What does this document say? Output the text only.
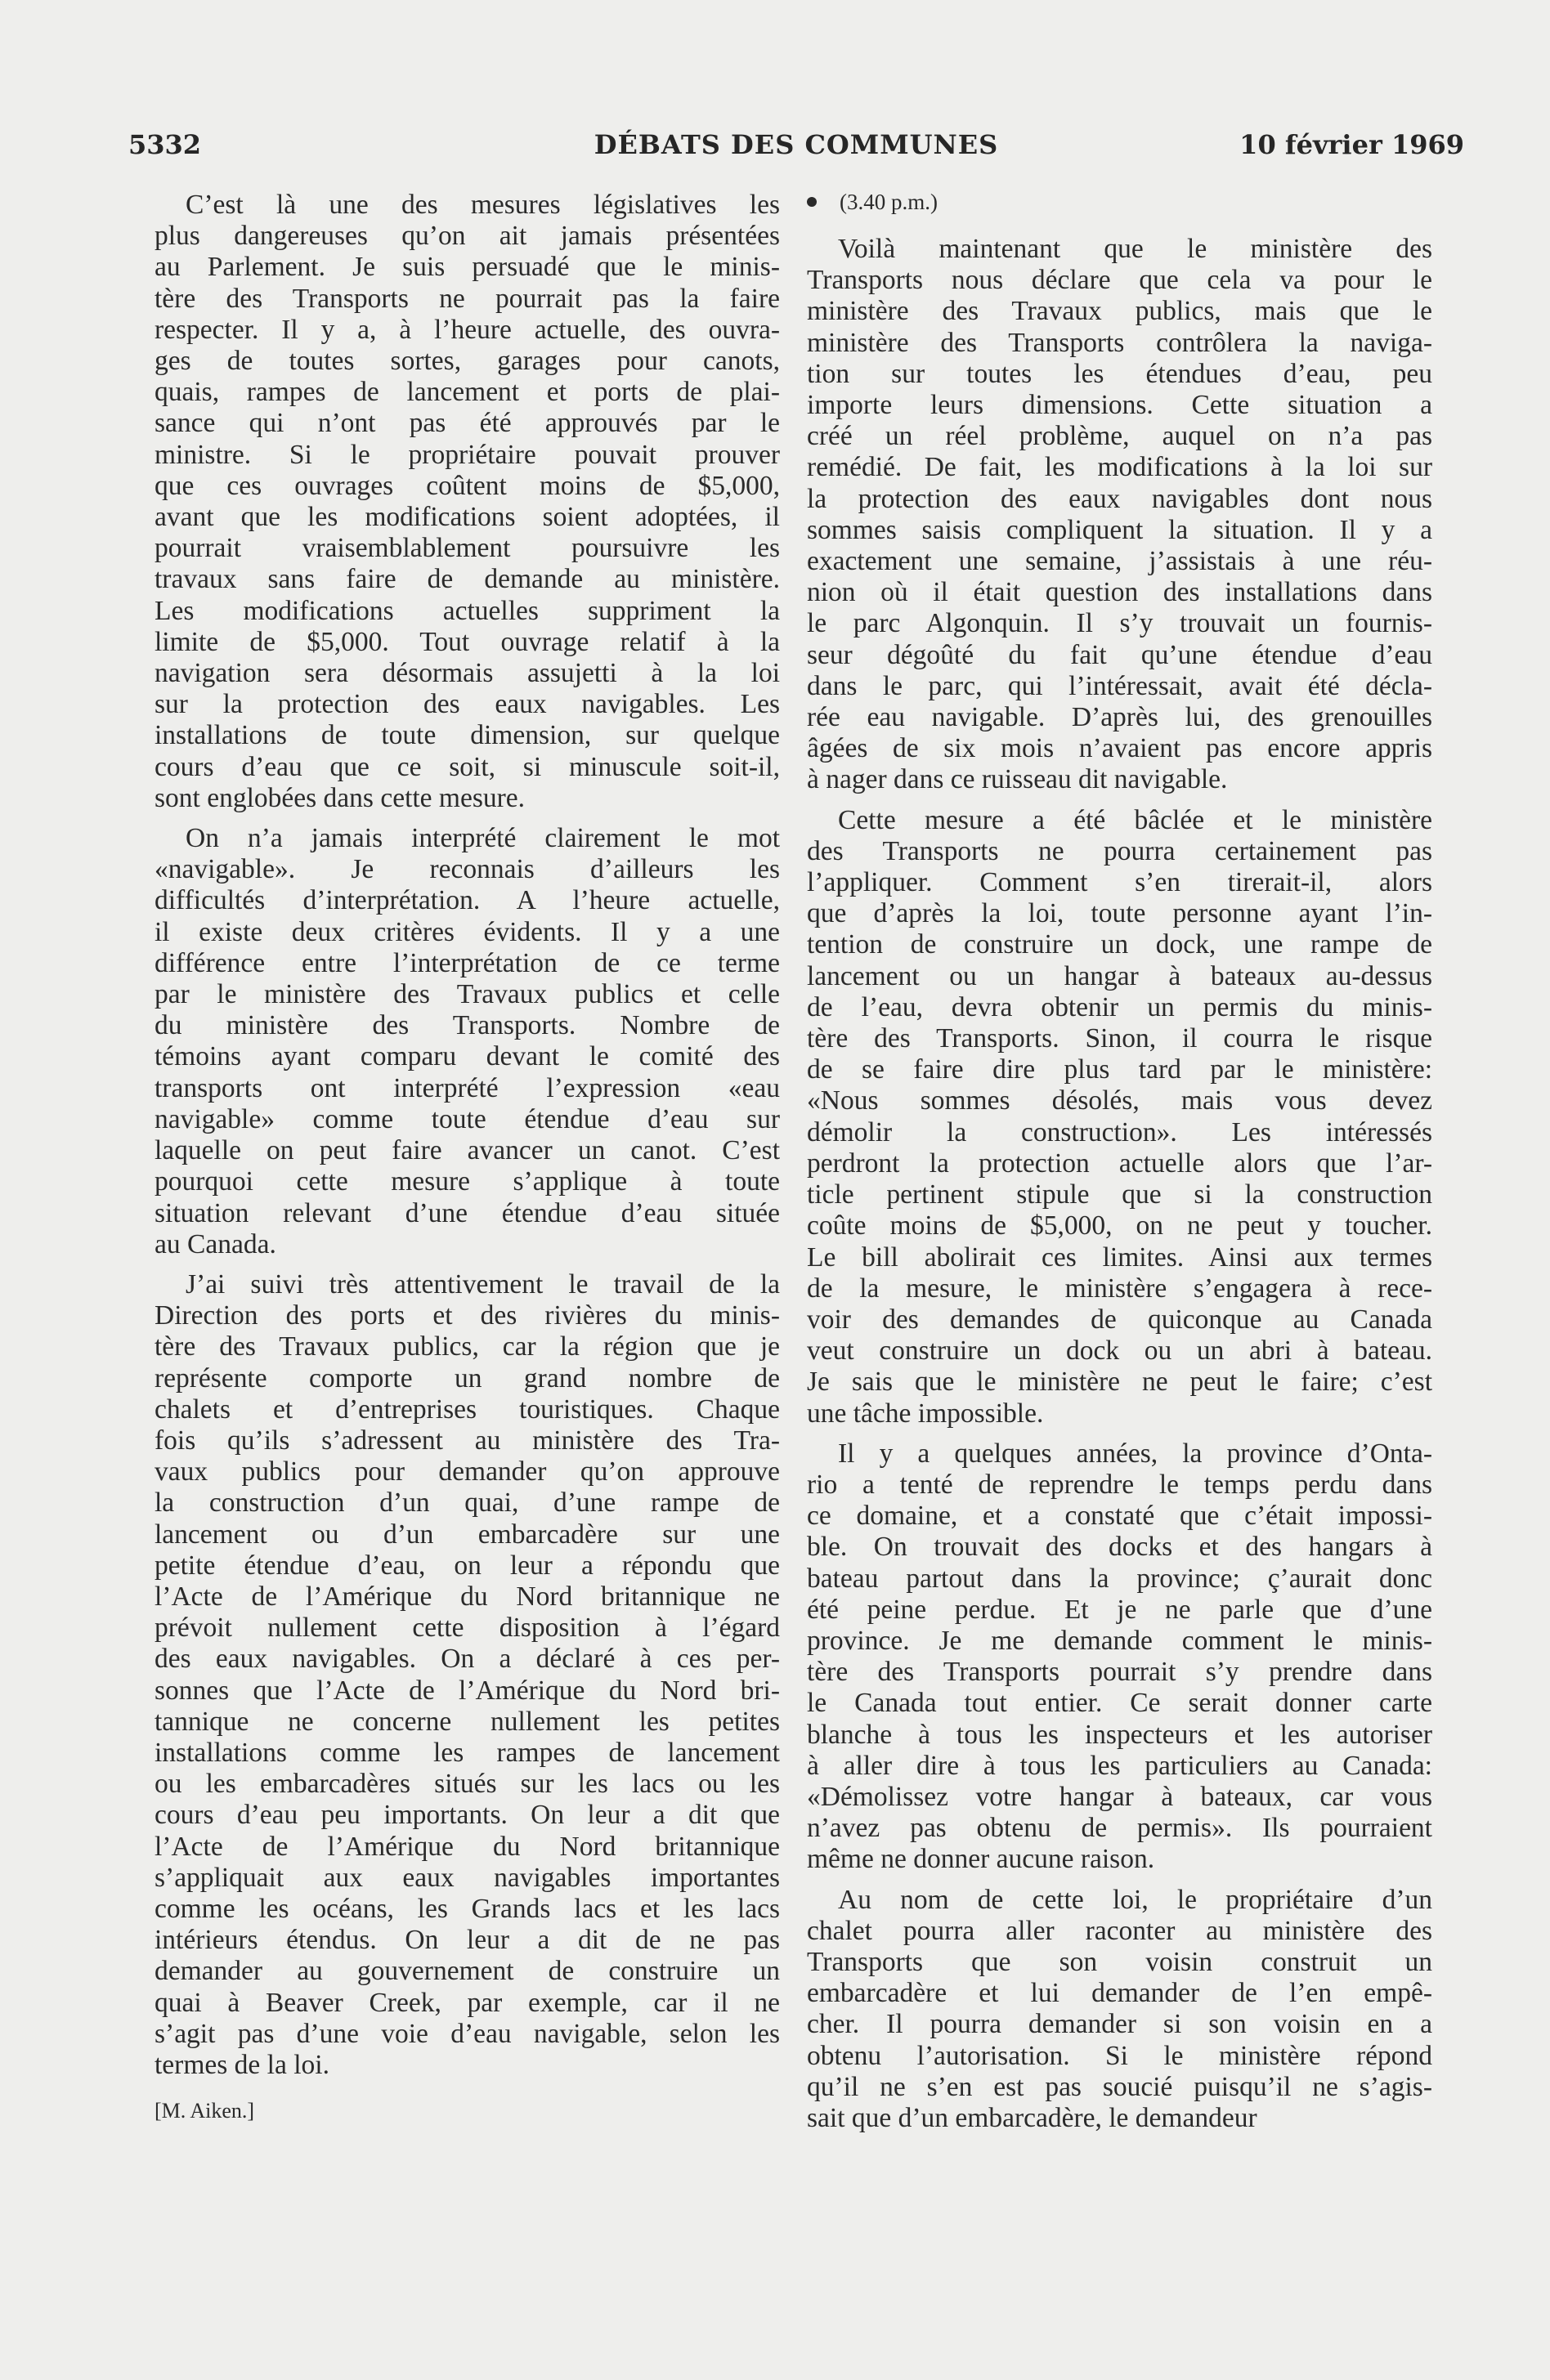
5332	DÉBATS DES COMMUNES	10 février 1969
C’est là une des mesures législatives les
plus dangereuses qu’on ait jamais présentées
au Parlement. Je suis persuadé que le minis-
tère des Transports ne pourrait pas la faire
respecter. Il y a, à l’heure actuelle, des ouvra-
ges de toutes sortes, garages pour canots,
quais, rampes de lancement et ports de plai-
sance qui n’ont pas été approuvés par le
ministre. Si le propriétaire pouvait prouver
que ces ouvrages coûtent moins de $5,000,
avant que les modifications soient adoptées, il
pourrait vraisemblablement poursuivre les
travaux sans faire de demande au ministère.
Les modifications actuelles suppriment la
limite de $5,000. Tout ouvrage relatif à la
navigation sera désormais assujetti à la loi
sur la protection des eaux navigables. Les
installations de toute dimension, sur quelque
cours d’eau que ce soit, si minuscule soit-il,
sont englobées dans cette mesure.
On n’a jamais interprété clairement le mot
«navigable». Je reconnais d’ailleurs les
difficultés d’interprétation. A l’heure actuelle,
il existe deux critères évidents. Il y a une
différence entre l’interprétation de ce terme
par le ministère des Travaux publics et celle
du ministère des Transports. Nombre de
témoins ayant comparu devant le comité des
transports ont interprété l’expression «eau
navigable» comme toute étendue d’eau sur
laquelle on peut faire avancer un canot. C’est
pourquoi cette mesure s’applique à toute
situation relevant d’une étendue d’eau située
au Canada.
J’ai suivi très attentivement le travail de la
Direction des ports et des rivières du minis-
tère des Travaux publics, car la région que je
représente comporte un grand nombre de
chalets et d’entreprises touristiques. Chaque
fois qu’ils s’adressent au ministère des Tra-
vaux publics pour demander qu’on approuve
la construction d’un quai, d’une rampe de
lancement ou d’un embarcadère sur une
petite étendue d’eau, on leur a répondu que
l’Acte de l’Amérique du Nord britannique ne
prévoit nullement cette disposition à l’égard
des eaux navigables. On a déclaré à ces per-
sonnes que l’Acte de l’Amérique du Nord bri-
tannique ne concerne nullement les petites
installations comme les rampes de lancement
ou les embarcadères situés sur les lacs ou les
cours d’eau peu importants. On leur a dit que
l’Acte de l’Amérique du Nord britannique
s’appliquait aux eaux navigables importantes
comme les océans, les Grands lacs et les lacs
intérieurs étendus. On leur a dit de ne pas
demander au gouvernement de construire un
quai à Beaver Creek, par exemple, car il ne
s’agit pas d’une voie d’eau navigable, selon les
termes de la loi.
[M. Aiken.]
(3.40 p.m.)
Voilà maintenant que le ministère des
Transports nous déclare que cela va pour le
ministère des Travaux publics, mais que le
ministère des Transports contrôlera la naviga-
tion sur toutes les étendues d’eau, peu
importe leurs dimensions. Cette situation a
créé un réel problème, auquel on n’a pas
remédié. De fait, les modifications à la loi sur
la protection des eaux navigables dont nous
sommes saisis compliquent la situation. Il y a
exactement une semaine, j’assistais à une réu-
nion où il était question des installations dans
le parc Algonquin. Il s’y trouvait un fournis-
seur dégoûté du fait qu’une étendue d’eau
dans le parc, qui l’intéressait, avait été décla-
rée eau navigable. D’après lui, des grenouilles
âgées de six mois n’avaient pas encore appris
à nager dans ce ruisseau dit navigable.
Cette mesure a été bâclée et le ministère
des Transports ne pourra certainement pas
l’appliquer. Comment s’en tirerait-il, alors
que d’après la loi, toute personne ayant l’in-
tention de construire un dock, une rampe de
lancement ou un hangar à bateaux au-dessus
de l’eau, devra obtenir un permis du minis-
tère des Transports. Sinon, il courra le risque
de se faire dire plus tard par le ministère:
«Nous sommes désolés, mais vous devez
démolir la construction». Les intéressés
perdront la protection actuelle alors que l’ar-
ticle pertinent stipule que si la construction
coûte moins de $5,000, on ne peut y toucher.
Le bill abolirait ces limites. Ainsi aux termes
de la mesure, le ministère s’engagera à rece-
voir des demandes de quiconque au Canada
veut construire un dock ou un abri à bateau.
Je sais que le ministère ne peut le faire; c’est
une tâche impossible.
Il y a quelques années, la province d’Onta-
rio a tenté de reprendre le temps perdu dans
ce domaine, et a constaté que c’était impossi-
ble. On trouvait des docks et des hangars à
bateau partout dans la province; ç’aurait donc
été peine perdue. Et je ne parle que d’une
province. Je me demande comment le minis-
tère des Transports pourrait s’y prendre dans
le Canada tout entier. Ce serait donner carte
blanche à tous les inspecteurs et les autoriser
à aller dire à tous les particuliers au Canada:
«Démolissez votre hangar à bateaux, car vous
n’avez pas obtenu de permis». Ils pourraient
même ne donner aucune raison.
Au nom de cette loi, le propriétaire d’un
chalet pourra aller raconter au ministère des
Transports que son voisin construit un
embarcadère et lui demander de l’en empê-
cher. Il pourra demander si son voisin en a
obtenu l’autorisation. Si le ministère répond
qu’il ne s’en est pas soucié puisqu’il ne s’agis-
sait que d’un embarcadère, le demandeur
